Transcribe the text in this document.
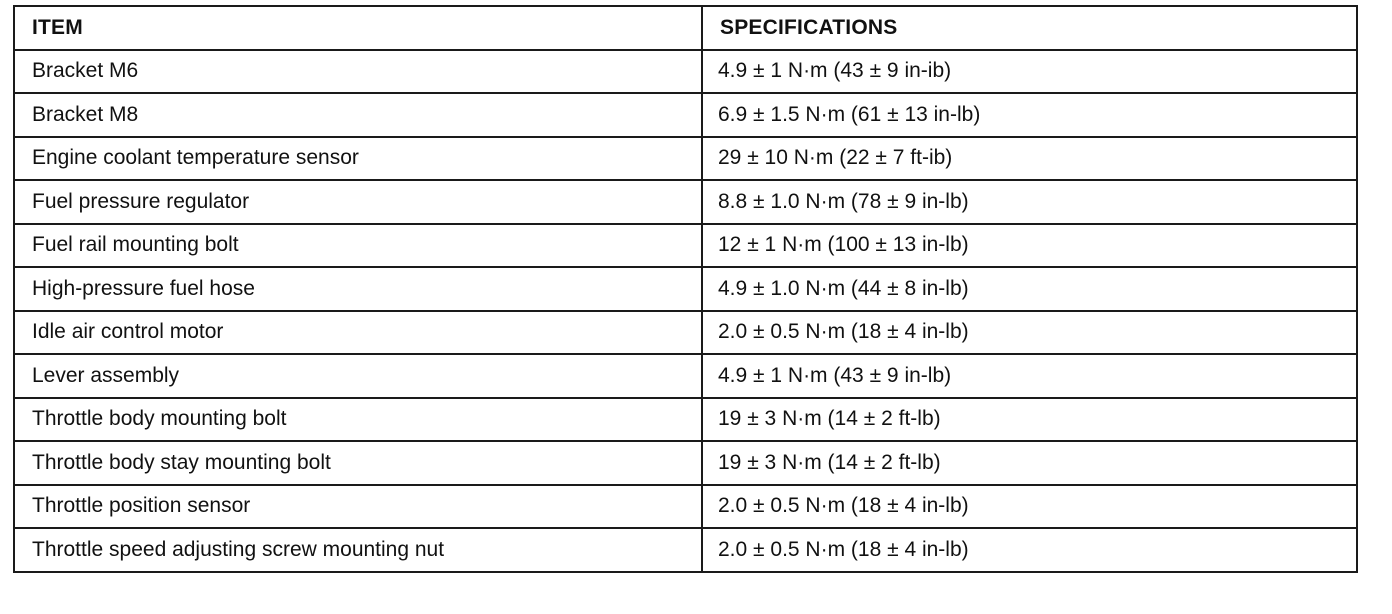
ITEM	SPECIFICATIONS
Bracket M6	4.9 ± 1 N·m (43 ± 9 in-ib)
Bracket M8	6.9 ± 1.5 N·m (61 ± 13 in-lb)
Engine coolant temperature sensor	29 ± 10 N·m (22 ± 7 ft-ib)
Fuel pressure regulator	8.8 ± 1.0 N·m (78 ± 9 in-lb)
Fuel rail mounting bolt	12 ± 1 N·m (100 ± 13 in-lb)
High-pressure fuel hose	4.9 ± 1.0 N·m (44 ± 8 in-lb)
Idle air control motor	2.0 ± 0.5 N·m (18 ± 4 in-lb)
Lever assembly	4.9 ± 1 N·m (43 ± 9 in-lb)
Throttle body mounting bolt	19 ± 3 N·m (14 ± 2 ft-lb)
Throttle body stay mounting bolt	19 ± 3 N·m (14 ± 2 ft-lb)
Throttle position sensor	2.0 ± 0.5 N·m (18 ± 4 in-lb)
Throttle speed adjusting screw mounting nut	2.0 ± 0.5 N·m (18 ± 4 in-lb)
